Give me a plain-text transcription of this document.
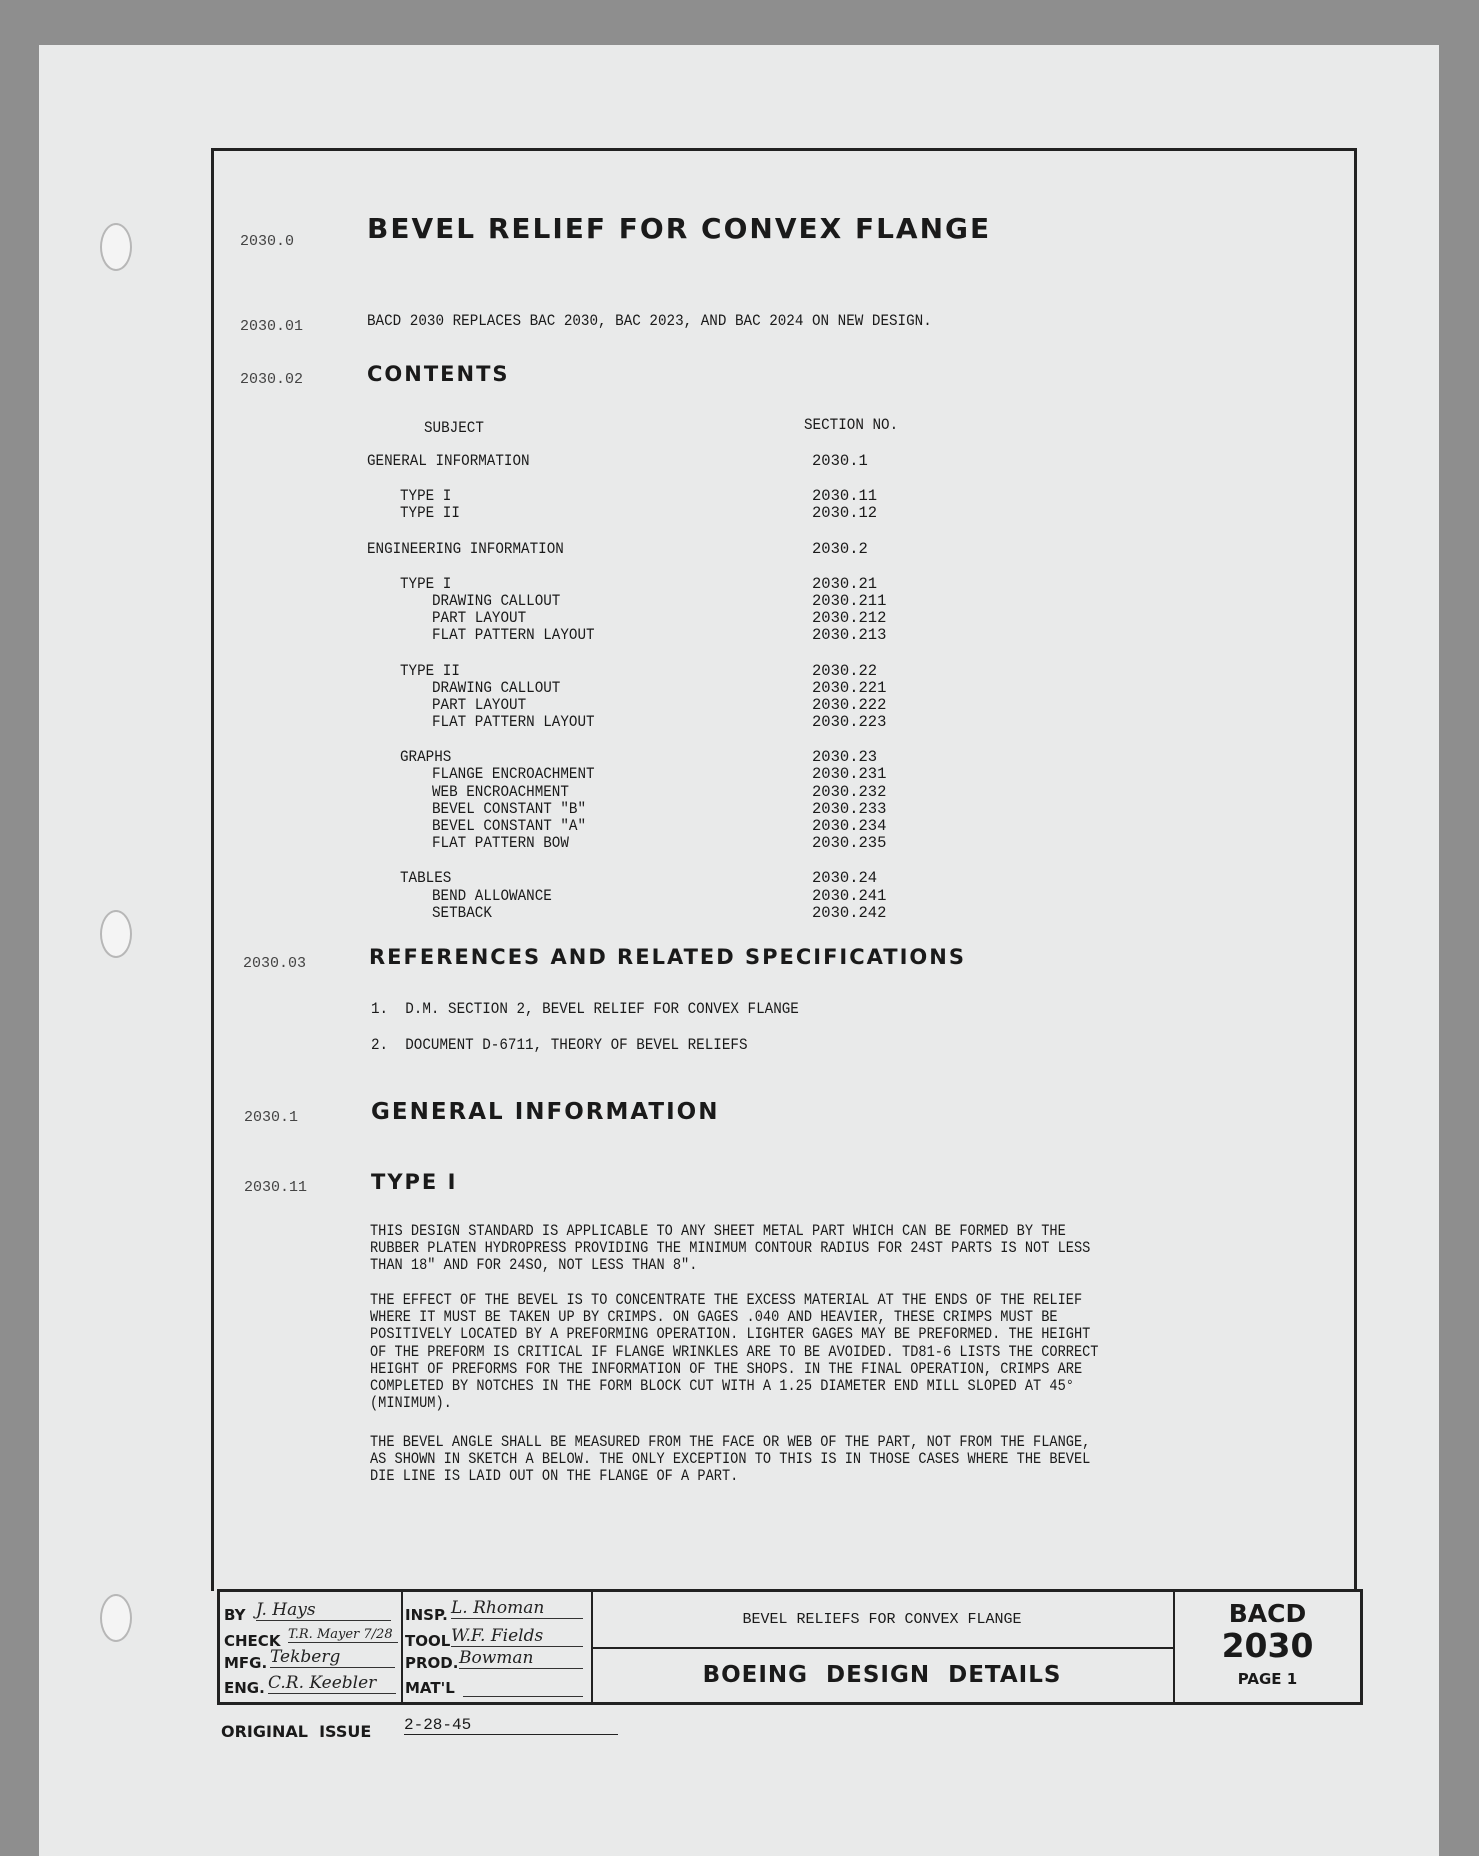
2030.0	BEVEL RELIEF FOR CONVEX FLANGE
2030.01	BACD 2030 REPLACES BAC 2030, BAC 2023, AND BAC 2024 ON NEW DESIGN.
2030.02	CONTENTS
SUBJECT	SECTION NO.
GENERAL INFORMATION	2030.1
TYPE I	2030.11
TYPE II	2030.12
ENGINEERING INFORMATION	2030.2
TYPE I	2030.21
DRAWING CALLOUT	2030.211
PART LAYOUT	2030.212
FLAT PATTERN LAYOUT	2030.213
TYPE II	2030.22
DRAWING CALLOUT	2030.221
PART LAYOUT	2030.222
FLAT PATTERN LAYOUT	2030.223
GRAPHS	2030.23
FLANGE ENCROACHMENT	2030.231
WEB ENCROACHMENT	2030.232
BEVEL CONSTANT "B"	2030.233
BEVEL CONSTANT "A"	2030.234
FLAT PATTERN BOW	2030.235
TABLES	2030.24
BEND ALLOWANCE	2030.241
SETBACK	2030.242
2030.03	REFERENCES AND RELATED SPECIFICATIONS
1.  D.M. SECTION 2, BEVEL RELIEF FOR CONVEX FLANGE
2.  DOCUMENT D-6711, THEORY OF BEVEL RELIEFS
2030.1	GENERAL INFORMATION
2030.11	TYPE I
THIS DESIGN STANDARD IS APPLICABLE TO ANY SHEET METAL PART WHICH CAN BE FORMED BY THE
RUBBER PLATEN HYDROPRESS PROVIDING THE MINIMUM CONTOUR RADIUS FOR 24ST PARTS IS NOT LESS
THAN 18" AND FOR 24SO, NOT LESS THAN 8".
THE EFFECT OF THE BEVEL IS TO CONCENTRATE THE EXCESS MATERIAL AT THE ENDS OF THE RELIEF
WHERE IT MUST BE TAKEN UP BY CRIMPS. ON GAGES .040 AND HEAVIER, THESE CRIMPS MUST BE
POSITIVELY LOCATED BY A PREFORMING OPERATION. LIGHTER GAGES MAY BE PREFORMED. THE HEIGHT
OF THE PREFORM IS CRITICAL IF FLANGE WRINKLES ARE TO BE AVOIDED. TD81-6 LISTS THE CORRECT
HEIGHT OF PREFORMS FOR THE INFORMATION OF THE SHOPS. IN THE FINAL OPERATION, CRIMPS ARE
COMPLETED BY NOTCHES IN THE FORM BLOCK CUT WITH A 1.25 DIAMETER END MILL SLOPED AT 45°
(MINIMUM).
THE BEVEL ANGLE SHALL BE MEASURED FROM THE FACE OR WEB OF THE PART, NOT FROM THE FLANGE,
AS SHOWN IN SKETCH A BELOW. THE ONLY EXCEPTION TO THIS IS IN THOSE CASES WHERE THE BEVEL
DIE LINE IS LAID OUT ON THE FLANGE OF A PART.
BY J. Hays
CHECK T.R. Mayer 7/28
MFG. Tekberg
ENG. C.R. Keebler
INSP. L. Rhoman
TOOL W.F. Fields
PROD. Bowman
MAT'L
BEVEL RELIEFS FOR CONVEX FLANGE
BOEING  DESIGN  DETAILS
BACD
2030
PAGE 1
ORIGINAL  ISSUE 2-28-45
